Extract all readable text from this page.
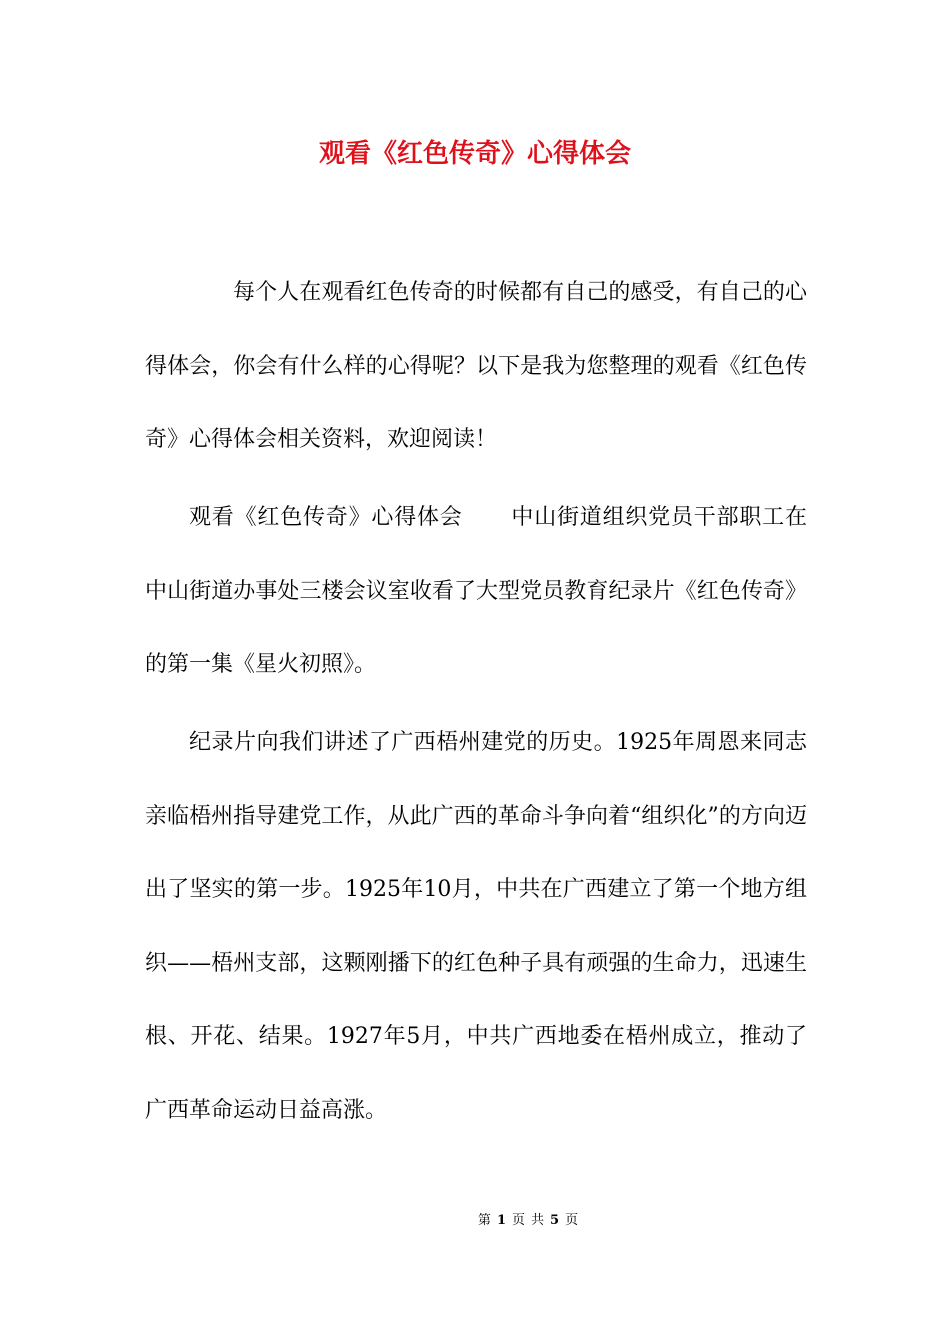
观看《红色传奇》心得体会

每个人在观看红色传奇的时候都有自己的感受，有自己的心得体会，你会有什么样的心得呢？以下是我为您整理的观看《红色传奇》心得体会相关资料，欢迎阅读！

观看《红色传奇》心得体会 中山街道组织党员干部职工在中山街道办事处三楼会议室收看了大型党员教育纪录片《红色传奇》的第一集《星火初照》。

纪录片向我们讲述了广西梧州建党的历史。1925年周恩来同志亲临梧州指导建党工作，从此广西的革命斗争向着“组织化”的方向迈出了坚实的第一步。1925年10月，中共在广西建立了第一个地方组织——梧州支部，这颗刚播下的红色种子具有顽强的生命力，迅速生根、开花、结果。1927年5月，中共广西地委在梧州成立，推动了广西革命运动日益高涨。

第 1 页 共 5 页
